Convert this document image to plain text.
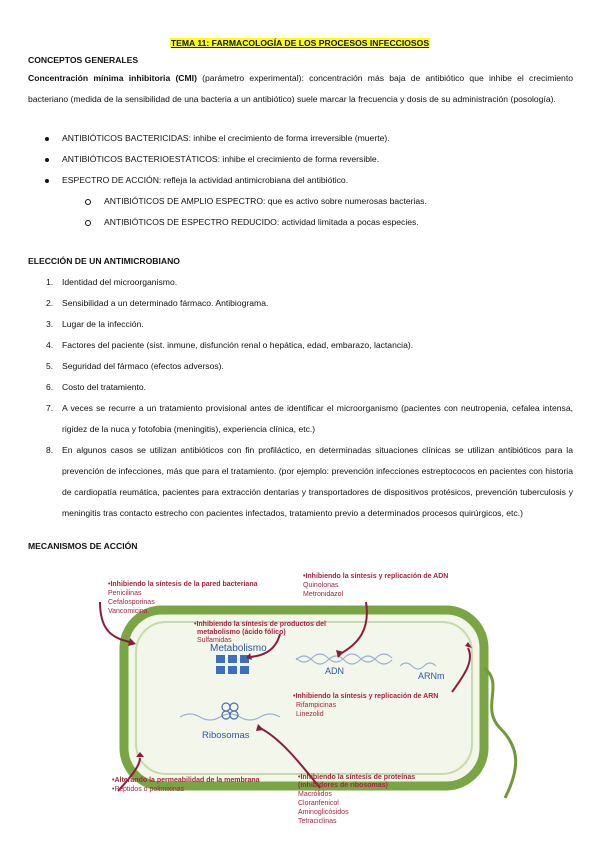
TEMA 11: FARMACOLOGÍA DE LOS PROCESOS INFECCIOSOS
CONCEPTOS GENERALES
Concentración mínima inhibitoria (CMI) (parámetro experimental): concentración más baja de antibiótico que inhibe el crecimiento bacteriano (medida de la sensibilidad de una bacteria a un antibiótico) suele marcar la frecuencia y dosis de su administración (posología).
ANTIBIÓTICOS BACTERICIDAS: inhibe el crecimiento de forma irreversible (muerte).
ANTIBIÓTICOS BACTERIOESTÁTICOS: inhibe el crecimiento de forma reversible.
ESPECTRO DE ACCIÓN: refleja la actividad antimicrobiana del antibiótico.
ANTIBIÓTICOS DE AMPLIO ESPECTRO: que es activo sobre numerosas bacterias.
ANTIBIÓTICOS DE ESPECTRO REDUCIDO: actividad limitada a pocas especies.
ELECCIÓN DE UN ANTIMICROBIANO
1. Identidad del microorganismo.
2. Sensibilidad a un determinado fármaco. Antibiograma.
3. Lugar de la infección.
4. Factores del paciente (sist. inmune, disfunción renal o hepática, edad, embarazo, lactancia).
5. Seguridad del fármaco (efectos adversos).
6. Costo del tratamiento.
7. A veces se recurre a un tratamiento provisional antes de identificar el microorganismo (pacientes con neutropenia, cefalea intensa, rigidez de la nuca y fotofobia (meningitis), experiencia clínica, etc.)
8. En algunos casos se utilizan antibióticos con fin profiláctico, en determinadas situaciones clínicas se utilizan antibióticos para la prevención de infecciones, más que para el tratamiento. (por ejemplo: prevención infecciones estreptococos en pacientes con historia de cardiopatía reumática, pacientes para extracción dentarias y transportadores de dispositivos protésicos, prevención tuberculosis y meningitis tras contacto estrecho con pacientes infectados, tratamiento previo a determinados procesos quirúrgicos, etc.)
MECANISMOS DE ACCIÓN
Metabolismo
ADN	ARNm
Ribosomas
•Inhibiendo la síntesis de la pared bacteriana
Penicilinas
Cefalosporinas
Vancomicina
•Inhibiendo la síntesis y replicación de ADN
Quinolonas
Metronidazol
•Inhibiendo la síntesis de productos del
metabolismo (ácido fólico)
Sulfamidas
•Inhibiendo la síntesis y replicación de ARN
Rifampicinas
Linezolid
•Alterando la permeabilidad de la membrana
•Péptidos o polimixinas
•Inhibiendo la síntesis de proteínas
(inhibidores de ribosomas)
Macrólidos
Cloranfenicol
Aminoglicósidos
Tetraciclinas
